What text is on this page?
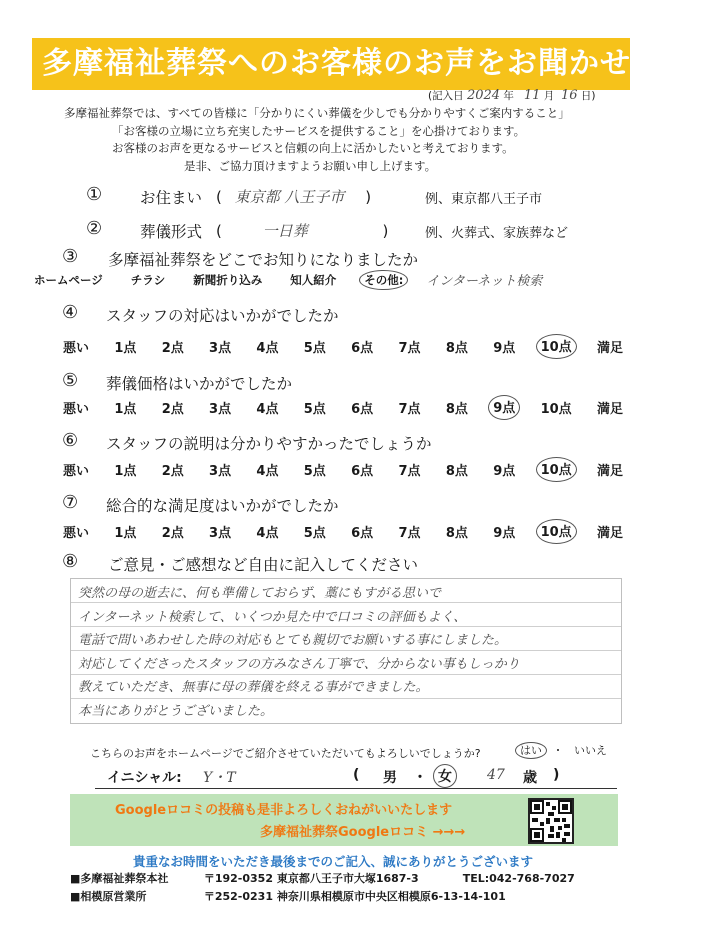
多摩福祉葬祭へのお客様のお声をお聞かせ下さい
(記入日 2024 年 11 月 16 日)
多摩福祉葬祭では、すべての皆様に「分かりにくい葬儀を少しでも分かりやすくご案内すること」
「お客様の立場に立ち充実したサービスを提供すること」を心掛けております。
お客様のお声を更なるサービスと信頼の向上に活かしたいと考えております。
是非、ご協力頂けますようお願い申し上げます。
① お住まい ( 東京都 八王子市 )	例、東京都八王子市
② 葬儀形式 (	一日葬	)	例、火葬式、家族葬など
③ 多摩福祉葬祭をどこでお知りになりましたか
ホームページ チラシ 新聞折り込み 知人紹介	その他:	インターネット検索
④ スタッフの対応はいかがでしたか
悪い 1点 2点 3点 4点 5点 6点 7点 8点 9点	10点	満足
⑤ 葬儀価格はいかがでしたか
悪い 1点 2点 3点 4点 5点 6点 7点 8点	9点	10点 満足
⑥ スタッフの説明は分かりやすかったでしょうか
悪い 1点 2点 3点 4点 5点 6点 7点 8点 9点	10点	満足
⑦ 総合的な満足度はいかがでしたか
悪い 1点 2点 3点 4点 5点 6点 7点 8点 9点	10点	満足
⑧ ご意見・ご感想など自由に記入してください
突然の母の逝去に、何も準備しておらず、藁にもすがる思いで
インターネット検索して、いくつか見た中で口コミの評価もよく、
電話で問いあわせした時の対応もとても親切でお願いする事にしました。
対応してくださったスタッフの方みなさん丁寧で、分からない事もしっかり
教えていただき、無事に母の葬儀を終える事ができました。
本当にありがとうございました。
こちらのお声をホームページでご紹介させていただいてもよろしいでしょうか?	はい ・ いいえ
イニシャル: Y・T	( 男 ・ 女	47 歳 )
Googleロコミの投稿も是非よろしくおねがいいたします
多摩福祉葬祭Googleロコミ →→→
貴重なお時間をいただき最後までのご記入、誠にありがとうございます
■多摩福祉葬祭本社	〒192-0352 東京都八王子市大塚1687-3	TEL:042-768-7027
■相模原営業所	〒252-0231 神奈川県相模原市中央区相模原6-13-14-101
